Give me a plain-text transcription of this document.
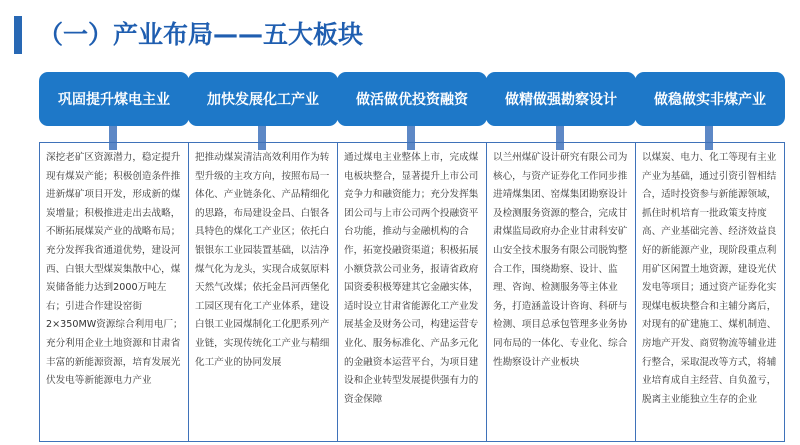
（一）产业布局——五大板块
巩固提升煤电主业
深挖老矿区资源潜力，稳定提升现有煤炭产能；积极创造条件推进新煤矿项目开发，形成新的煤炭增量；积极推进走出去战略，不断拓展煤炭产业的战略布局；充分发挥我省通道优势，建设河西、白银大型煤炭集散中心，煤炭储备能力达到2000万吨左右；引进合作建设窑街2×350MW资源综合利用电厂；充分利用企业土地资源和甘肃省丰富的新能源资源，培育发展光伏发电等新能源电力产业
加快发展化工产业
把推动煤炭清洁高效利用作为转型升级的主攻方向，按照布局一体化、产业链条化、产品精细化的思路，布局建设金昌、白银各具特色的煤化工产业区；依托白银银东工业园装置基础，以洁净煤气化为龙头，实现合成氨原料天然气改煤；依托金昌河西堡化工园区现有化工产业体系，建设白银工业园煤制化工化肥系列产业链，实现传统化工产业与精细化工产业的协同发展
做活做优投资融资
通过煤电主业整体上市，完成煤电板块整合，显著提升上市公司竞争力和融资能力；充分发挥集团公司与上市公司两个投融资平台功能，推动与金融机构的合作，拓宽投融资渠道；积极拓展小额贷款公司业务，报请省政府国资委积极筹建其它金融实体，适时设立甘肃省能源化工产业发展基金及财务公司，构建运营专业化、服务标准化、产品多元化的金融资本运营平台，为项目建设和企业转型发展提供强有力的资金保障
做精做强勘察设计
以兰州煤矿设计研究有限公司为核心，与资产证券化工作同步推进靖煤集团、窑煤集团勘察设计及检测服务资源的整合，完成甘肃煤监局政府办企业甘肃科安矿山安全技术服务有限公司脱钩整合工作，围绕勘察、设计、监理、咨询、检测服务等主体业务，打造涵盖设计咨询、科研与检测、项目总承包管理多业务协同布局的一体化、专业化、综合性勘察设计产业板块
做稳做实非煤产业
以煤炭、电力、化工等现有主业产业为基础，通过引资引智相结合，适时投资参与新能源领域，抓住时机培育一批政策支持度高、产业基础完善、经济效益良好的新能源产业，现阶段重点利用矿区闲置土地资源，建设光伏发电等项目；通过资产证券化实现煤电板块整合和主辅分离后，对现有的矿建施工、煤机制造、房地产开发、商贸物流等辅业进行整合，采取混改等方式，将辅业培育成自主经营、自负盈亏，脱离主业能独立生存的企业
